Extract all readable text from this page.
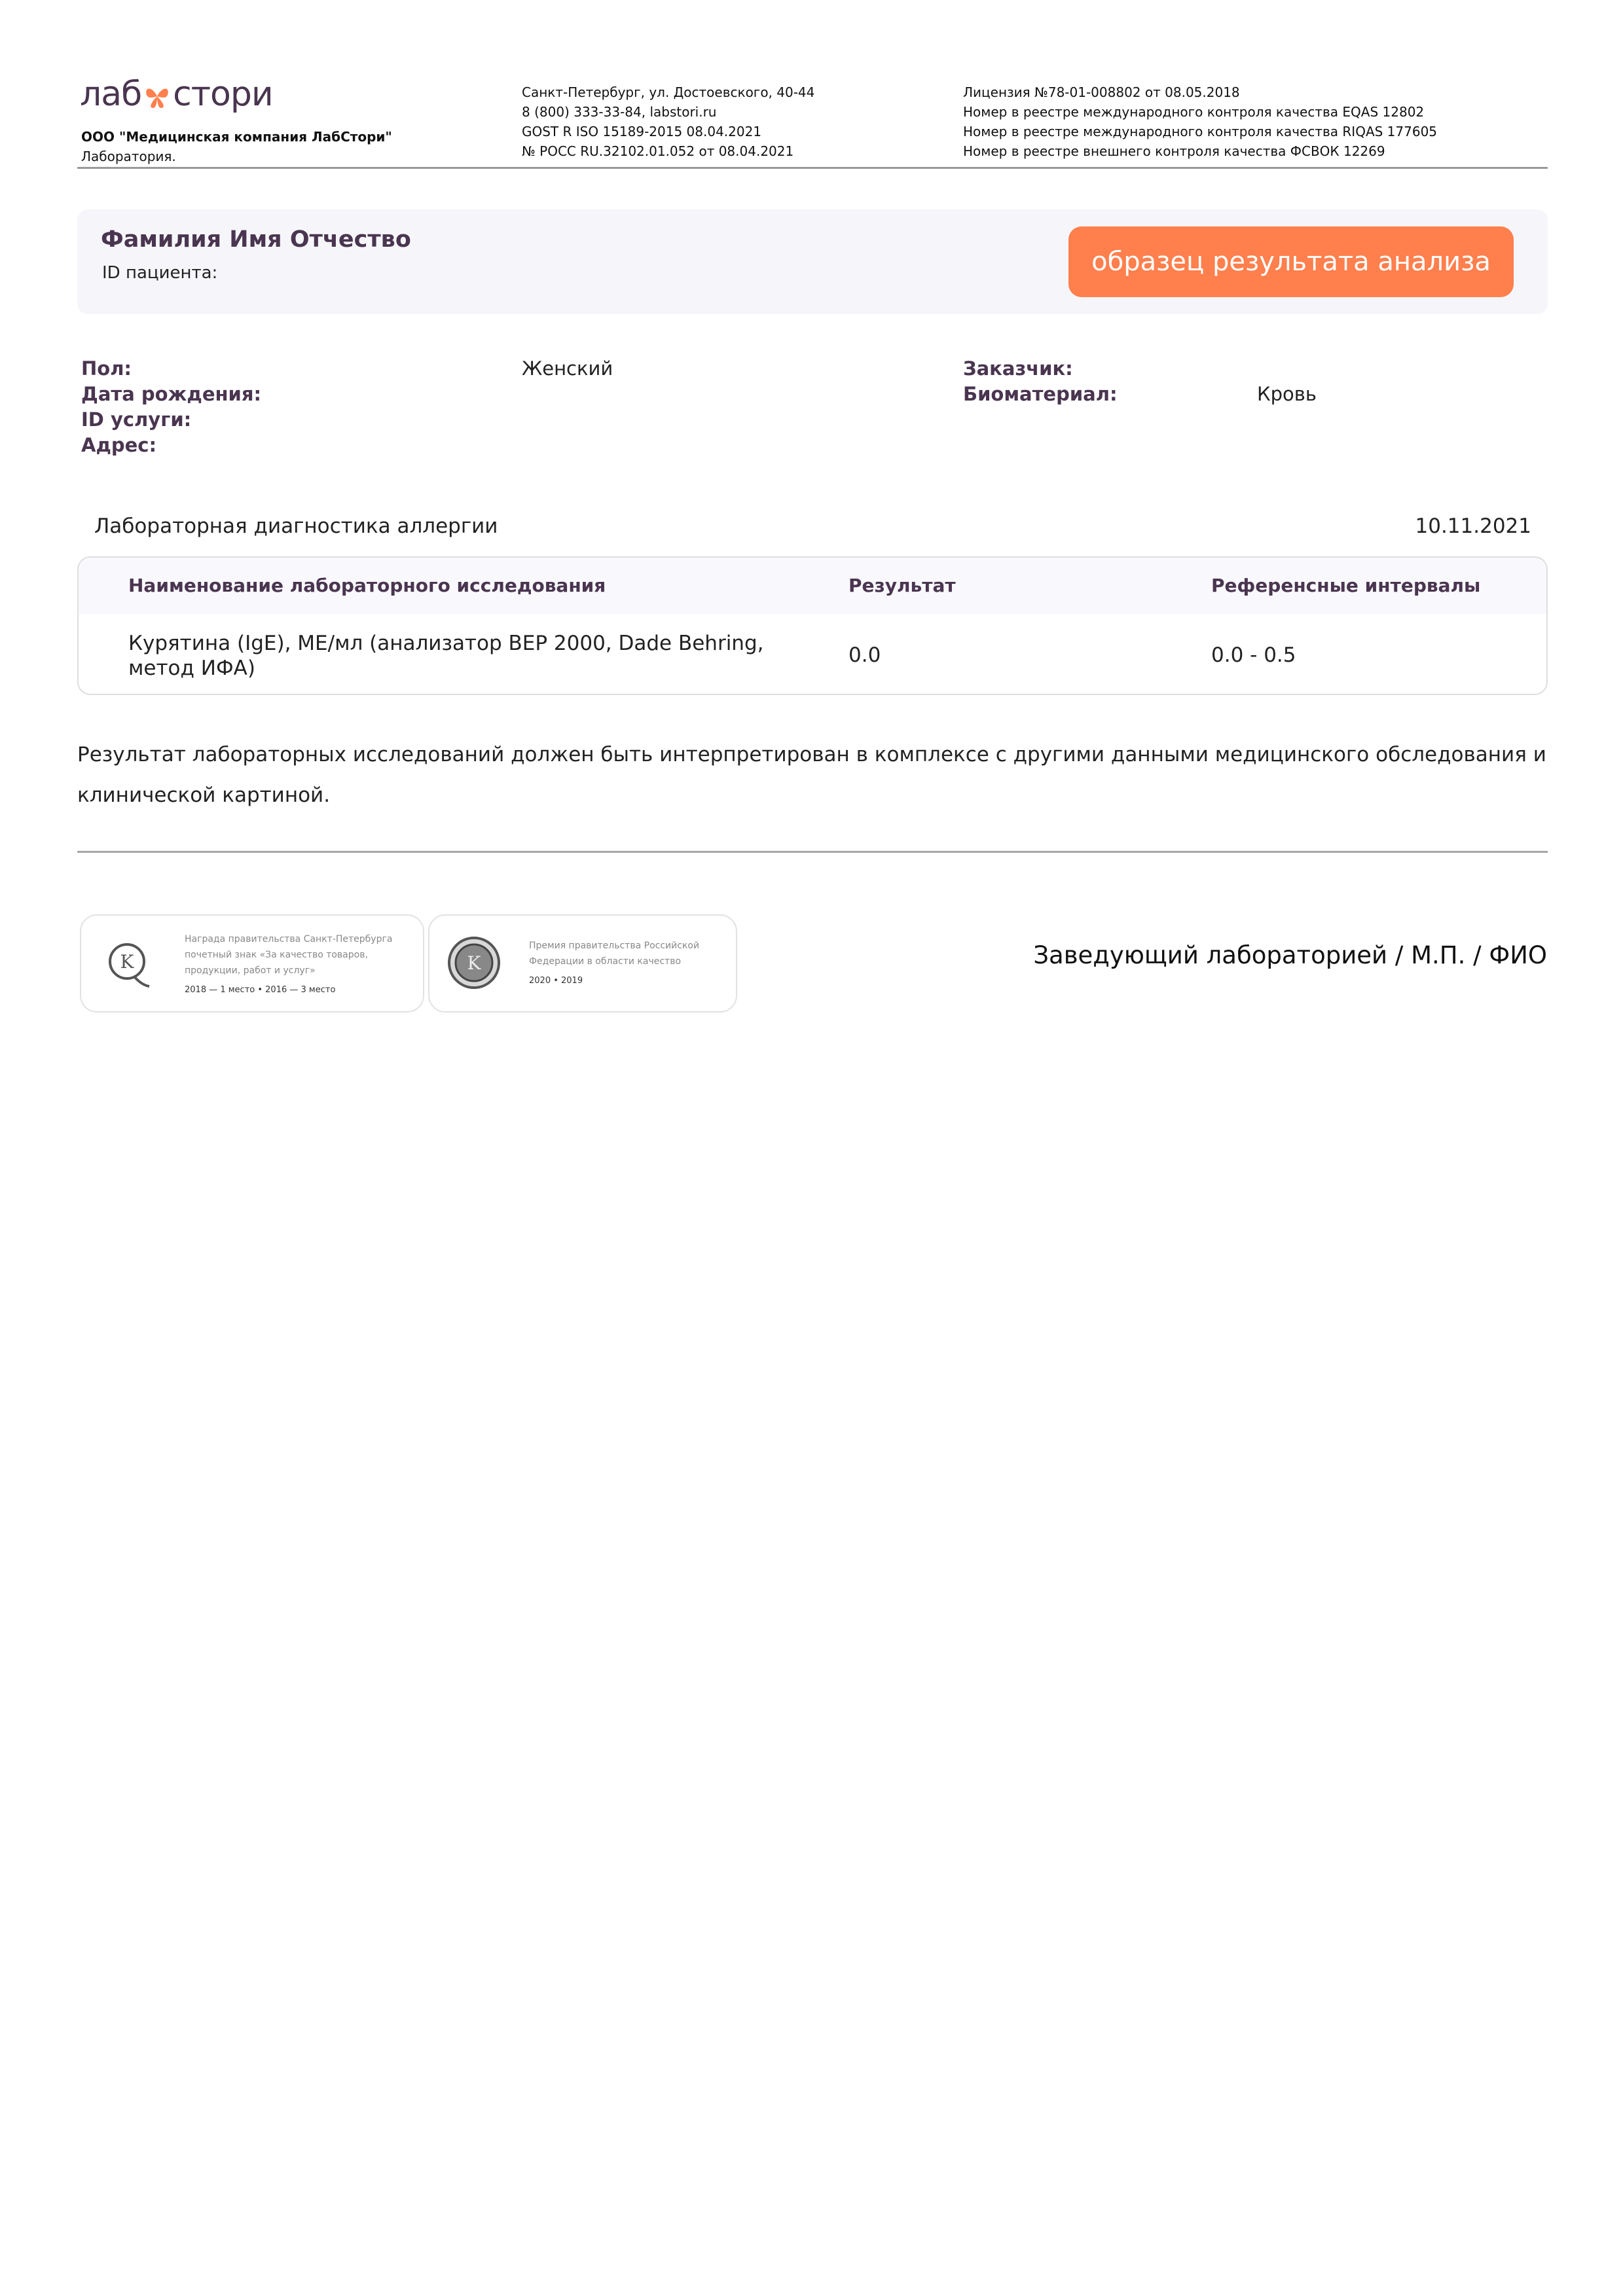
лаб стори
ООО "Медицинская компания ЛабСтори"
Лаборатория.
Санкт-Петербург, ул. Достоевского, 40-44
8 (800) 333-33-84, labstori.ru
GOST R ISO 15189-2015 08.04.2021
№ РОСС RU.32102.01.052 от 08.04.2021
Лицензия №78-01-008802 от 08.05.2018
Номер в реестре международного контроля качества EQAS 12802
Номер в реестре международного контроля качества RIQAS 177605
Номер в реестре внешнего контроля качества ФСВОК 12269
Фамилия Имя Отчество
ID пациента:	образец результата анализа
Пол:	Женский
Дата рождения:
ID услуги:
Адрес:
Заказчик:
Биоматериал:	Кровь
Лабораторная диагностика аллергии	10.11.2021
Наименование лабораторного исследования	Результат	Референсные интервалы
Курятина (IgE), МЕ/мл (анализатор BEP 2000, Dade Behring, метод ИФА)
0.0	0.0 - 0.5
Результат лабораторных исследований должен быть интерпретирован в комплексе с другими данными медицинского обследования и клинической картиной.
K
Награда правительства Санкт-Петербурга
почетный знак «За качество товаров,
продукции, работ и услуг»
2018 — 1 место • 2016 — 3 место
K
Премия правительства Российской
Федерации в области качество
2020 • 2019
Заведующий лабораторией / М.П. / ФИО
